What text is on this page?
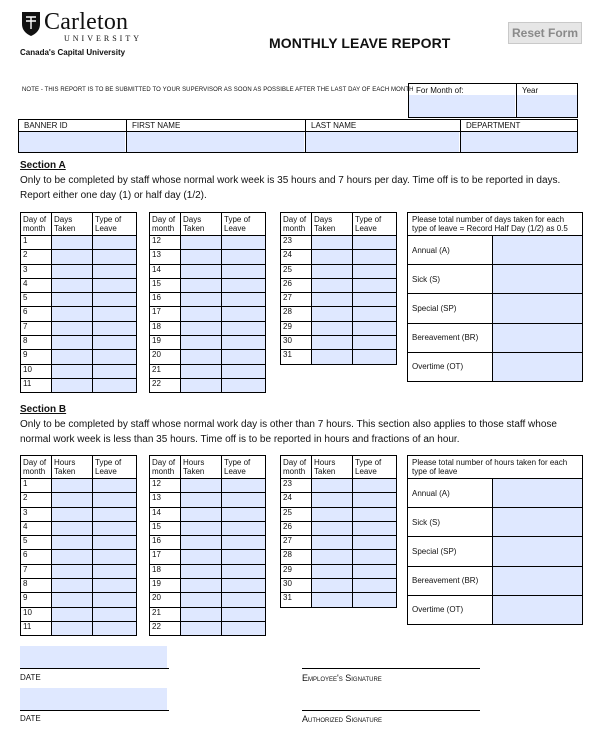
Carleton
UNIVERSITY
Canada's Capital University
MONTHLY LEAVE REPORT
Reset Form
NOTE - THIS REPORT IS TO BE SUBMITTED TO YOUR SUPERVISOR AS SOON AS POSSIBLE AFTER THE LAST DAY OF EACH MONTH For Month of:	Year
BANNER ID	FIRST NAME	LAST NAME	DEPARTMENT
Section A
Only to be completed by staff whose normal work week is 35 hours and 7 hours per day. Time off is to be reported in days. Report either one day (1) or half day (1/2).
Day of month	Days Taken	Type of Leave
1		
2		
3		
4		
5		
6		
7		
8		
9		
10		
11		
Day of month	Days Taken	Type of Leave
12		
13		
14		
15		
16		
17		
18		
19		
20		
21		
22		
Day of month	Days Taken	Type of Leave
23		
24		
25		
26		
27		
28		
29		
30		
31		
Please total number of days taken for each type of leave = Record Half Day (1/2) as 0.5	
Annual (A)	
Sick (S)	
Special (SP)	
Bereavement (BR)	
Overtime (OT)	
Section B
Only to be completed by staff whose normal work day is other than 7 hours. This section also applies to those staff whose normal work week is less than 35 hours. Time off is to be reported in hours and fractions of an hour.
Day of month	Hours Taken	Type of Leave
1		
2		
3		
4		
5		
6		
7		
8		
9		
10		
11		
Day of month	Hours Taken	Type of Leave
12		
13		
14		
15		
16		
17		
18		
19		
20		
21		
22		
Day of month	Hours Taken	Type of Leave
23		
24		
25		
26		
27		
28		
29		
30		
31		
Please total number of hours taken for each type of leave	
Annual (A)	
Sick (S)	
Special (SP)	
Bereavement (BR)	
Overtime (OT)	
DATE	Employee's Signature
DATE	Authorized Signature
